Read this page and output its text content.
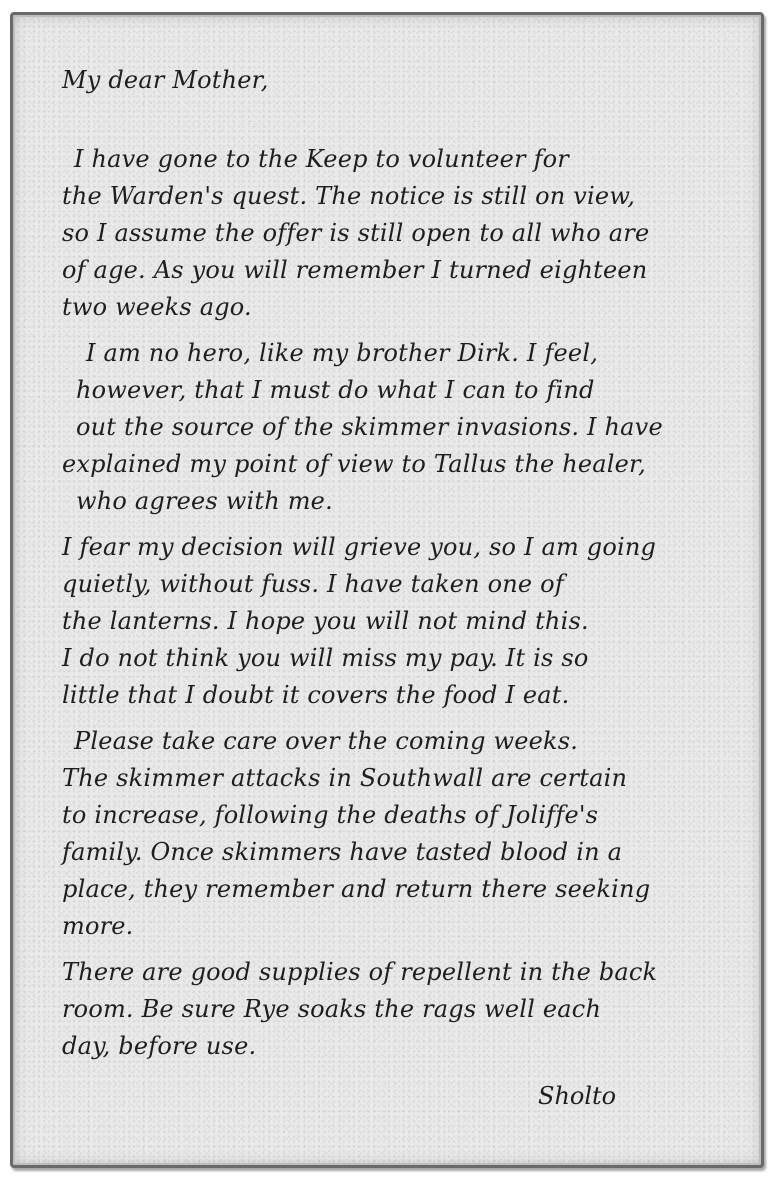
My dear Mother,

I have gone to the Keep to volunteer for

the Warden's quest. The notice is still on view,

so I assume the offer is still open to all who are

of age. As you will remember I turned eighteen

two weeks ago.

I am no hero, like my brother Dirk. I feel,

however, that I must do what I can to find

out the source of the skimmer invasions. I have

explained my point of view to Tallus the healer,

who agrees with me.

I fear my decision will grieve you, so I am going

quietly, without fuss. I have taken one of

the lanterns. I hope you will not mind this.

I do not think you will miss my pay. It is so

little that I doubt it covers the food I eat.

Please take care over the coming weeks.

The skimmer attacks in Southwall are certain

to increase, following the deaths of Joliffe's

family. Once skimmers have tasted blood in a

place, they remember and return there seeking

more.

There are good supplies of repellent in the back

room. Be sure Rye soaks the rags well each

day, before use.

Sholto
